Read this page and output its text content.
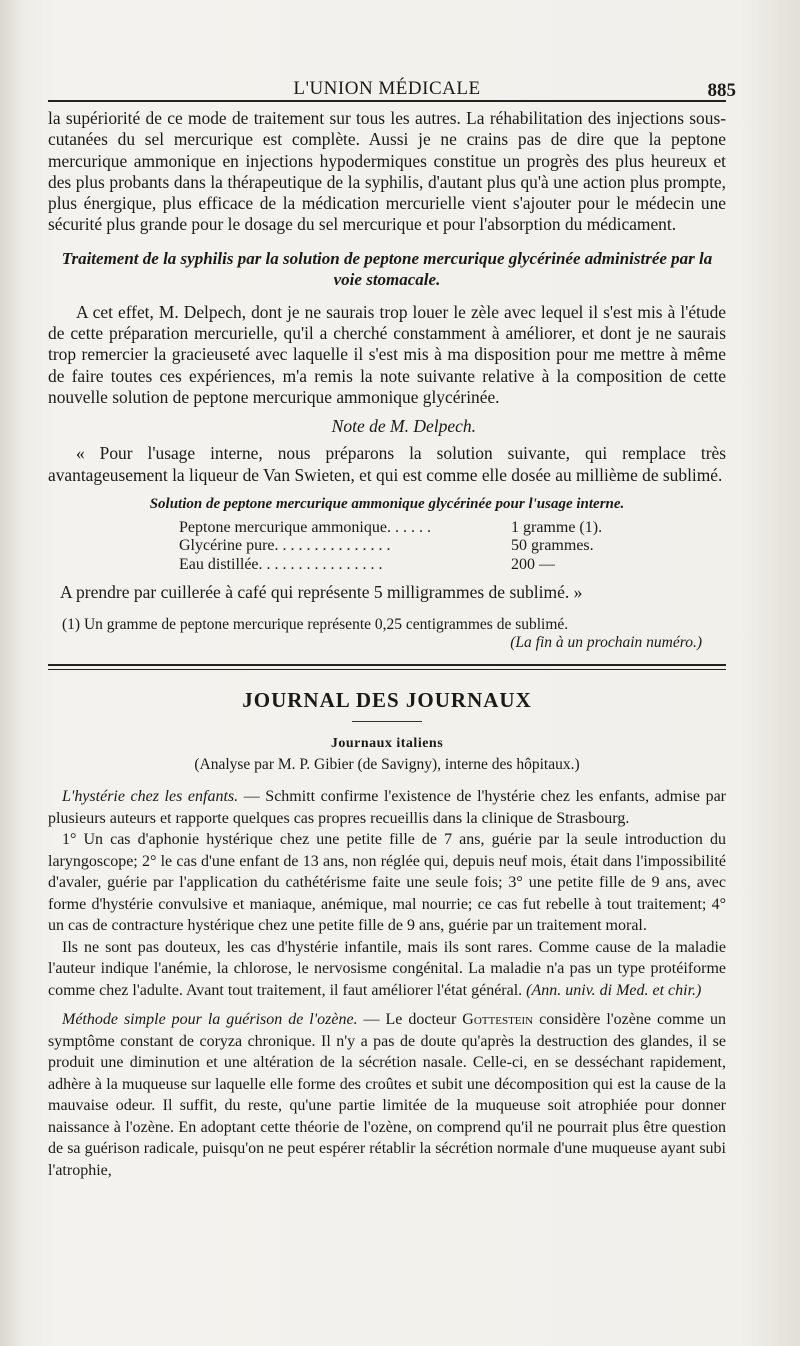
L'UNION MÉDICALE	885

la supériorité de ce mode de traitement sur tous les autres. La réhabilitation des injections sous-cutanées du sel mercurique est complète. Aussi je ne crains pas de dire que la peptone mercurique ammonique en injections hypodermiques constitue un progrès des plus heureux et des plus probants dans la thérapeutique de la syphilis, d'autant plus qu'à une action plus prompte, plus énergique, plus efficace de la médication mercurielle vient s'ajouter pour le médecin une sécurité plus grande pour le dosage du sel mercurique et pour l'absorption du médicament.

Traitement de la syphilis par la solution de peptone mercurique glycérinée administrée par la voie stomacale.

A cet effet, M. Delpech, dont je ne saurais trop louer le zèle avec lequel il s'est mis à l'étude de cette préparation mercurielle, qu'il a cherché constamment à améliorer, et dont je ne saurais trop remercier la gracieuseté avec laquelle il s'est mis à ma disposition pour me mettre à même de faire toutes ces expériences, m'a remis la note suivante relative à la composition de cette nouvelle solution de peptone mercurique ammonique glycérinée.

Note de M. Delpech.

« Pour l'usage interne, nous préparons la solution suivante, qui remplace très avantageusement la liqueur de Van Swieten, et qui est comme elle dosée au millième de sublimé.

Solution de peptone mercurique ammonique glycérinée pour l'usage interne.
Peptone mercurique ammonique. . . . . .	1 gramme (1).
Glycérine pure. . . . . . . . . . . . . . .	50 grammes.
Eau distillée. . . . . . . . . . . . . . . .	200 —
A prendre par cuillerée à café qui représente 5 milligrammes de sublimé. »
(1) Un gramme de peptone mercurique représente 0,25 centigrammes de sublimé.
(La fin à un prochain numéro.)
JOURNAL DES JOURNAUX
Journaux italiens
(Analyse par M. P. Gibier (de Savigny), interne des hôpitaux.)

L'hystérie chez les enfants. — Schmitt confirme l'existence de l'hystérie chez les enfants, admise par plusieurs auteurs et rapporte quelques cas propres recueillis dans la clinique de Strasbourg.

1° Un cas d'aphonie hystérique chez une petite fille de 7 ans, guérie par la seule introduction du laryngoscope; 2° le cas d'une enfant de 13 ans, non réglée qui, depuis neuf mois, était dans l'impossibilité d'avaler, guérie par l'application du cathétérisme faite une seule fois; 3° une petite fille de 9 ans, avec forme d'hystérie convulsive et maniaque, anémique, mal nourrie; ce cas fut rebelle à tout traitement; 4° un cas de contracture hystérique chez une petite fille de 9 ans, guérie par un traitement moral.

Ils ne sont pas douteux, les cas d'hystérie infantile, mais ils sont rares. Comme cause de la maladie l'auteur indique l'anémie, la chlorose, le nervosisme congénital. La maladie n'a pas un type protéiforme comme chez l'adulte. Avant tout traitement, il faut améliorer l'état général. (Ann. univ. di Med. et chir.)

Méthode simple pour la guérison de l'ozène. — Le docteur Gottestein considère l'ozène comme un symptôme constant de coryza chronique. Il n'y a pas de doute qu'après la destruction des glandes, il se produit une diminution et une altération de la sécrétion nasale. Celle-ci, en se desséchant rapidement, adhère à la muqueuse sur laquelle elle forme des croûtes et subit une décomposition qui est la cause de la mauvaise odeur. Il suffit, du reste, qu'une partie limitée de la muqueuse soit atrophiée pour donner naissance à l'ozène. En adoptant cette théorie de l'ozène, on comprend qu'il ne pourrait plus être question de sa guérison radicale, puisqu'on ne peut espérer rétablir la sécrétion normale d'une muqueuse ayant subi l'atrophie,
